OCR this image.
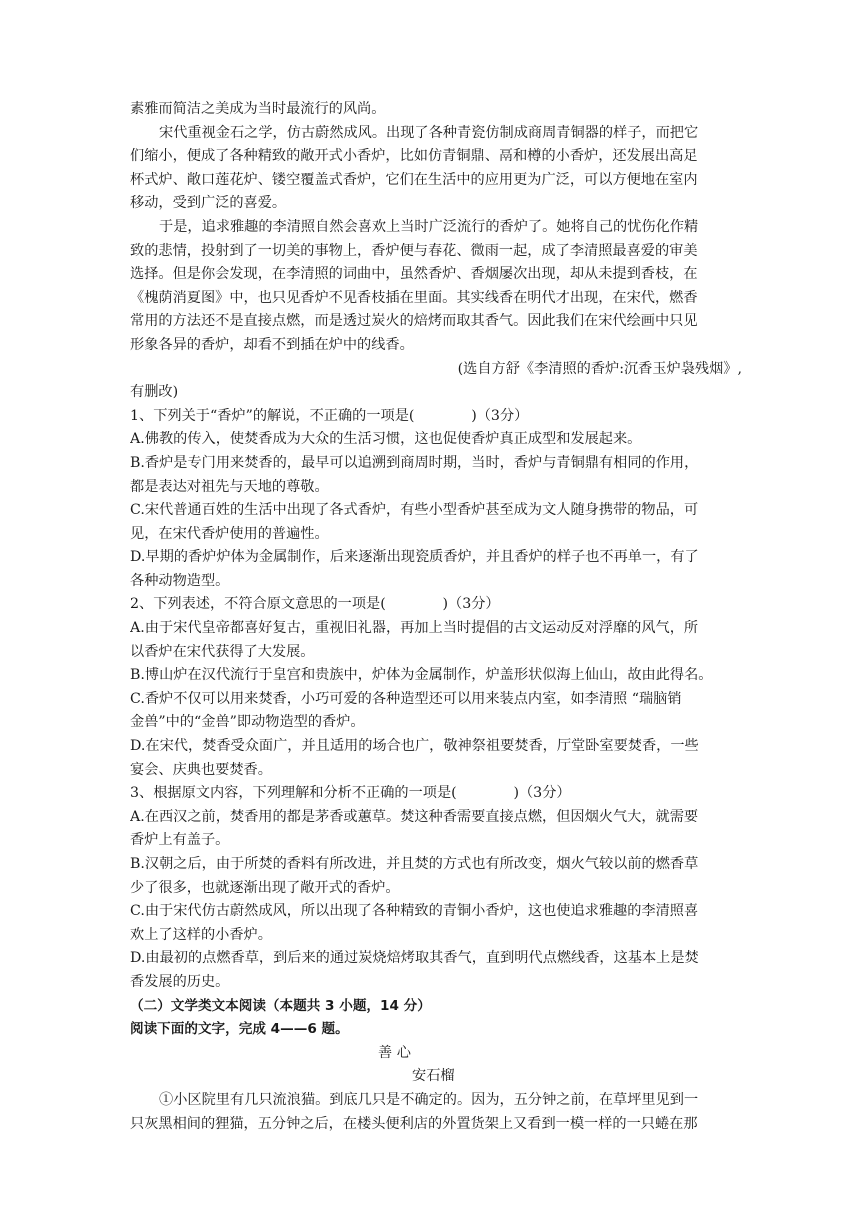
素雅而简洁之美成为当时最流行的风尚。
宋代重视金石之学，仿古蔚然成风。出现了各种青瓷仿制成商周青铜器的样子，而把它
们缩小，便成了各种精致的敞开式小香炉，比如仿青铜鼎、鬲和樽的小香炉，还发展出高足
杯式炉、敞口莲花炉、镂空覆盖式香炉，它们在生活中的应用更为广泛，可以方便地在室内
移动，受到广泛的喜爱。
于是，追求雅趣的李清照自然会喜欢上当时广泛流行的香炉了。她将自己的忧伤化作精
致的悲情，投射到了一切美的事物上，香炉便与春花、微雨一起，成了李清照最喜爱的审美
选择。但是你会发现，在李清照的词曲中，虽然香炉、香烟屡次出现，却从未提到香枝，在
《槐荫消夏图》中，也只见香炉不见香枝插在里面。其实线香在明代才出现，在宋代，燃香
常用的方法还不是直接点燃，而是透过炭火的焙烤而取其香气。因此我们在宋代绘画中只见
形象各异的香炉，却看不到插在炉中的线香。
(选自方舒《李清照的香炉:沉香玉炉袅残烟》,
有删改)
1、下列关于“香炉”的解说，不正确的一项是(　　　　)（3分）
A.佛教的传入，使焚香成为大众的生活习惯，这也促使香炉真正成型和发展起来。
B.香炉是专门用来焚香的，最早可以追溯到商周时期，当时，香炉与青铜鼎有相同的作用，
都是表达对祖先与天地的尊敬。
C.宋代普通百姓的生活中出现了各式香炉，有些小型香炉甚至成为文人随身携带的物品，可
见，在宋代香炉使用的普遍性。
D.早期的香炉炉体为金属制作，后来逐渐出现瓷质香炉，并且香炉的样子也不再单一，有了
各种动物造型。
2、下列表述，不符合原文意思的一项是(　　　　)（3分）
A.由于宋代皇帝都喜好复古，重视旧礼器，再加上当时提倡的古文运动反对浮靡的风气，所
以香炉在宋代获得了大发展。
B.博山炉在汉代流行于皇宫和贵族中，炉体为金属制作，炉盖形状似海上仙山，故由此得名。
C.香炉不仅可以用来焚香，小巧可爱的各种造型还可以用来装点内室，如李清照 “瑞脑销
金兽”中的“金兽”即动物造型的香炉。
D.在宋代，焚香受众面广，并且适用的场合也广，敬神祭祖要焚香，厅堂卧室要焚香，一些
宴会、庆典也要焚香。
3、根据原文内容，下列理解和分析不正确的一项是(　　　　)（3分）
A.在西汉之前，焚香用的都是茅香或蕙草。焚这种香需要直接点燃，但因烟火气大，就需要
香炉上有盖子。
B.汉朝之后，由于所焚的香料有所改进，并且焚的方式也有所改变，烟火气较以前的燃香草
少了很多，也就逐渐出现了敞开式的香炉。
C.由于宋代仿古蔚然成风，所以出现了各种精致的青铜小香炉，这也使追求雅趣的李清照喜
欢上了这样的小香炉。
D.由最初的点燃香草，到后来的通过炭烧焙烤取其香气，直到明代点燃线香，这基本上是焚
香发展的历史。
（二）文学类文本阅读（本题共 3 小题，14 分）
阅读下面的文字，完成 4——6 题。
善 心
安石榴
①小区院里有几只流浪猫。到底几只是不确定的。因为，五分钟之前，在草坪里见到一
只灰黑相间的狸猫，五分钟之后，在楼头便利店的外置货架上又看到一模一样的一只蜷在那
